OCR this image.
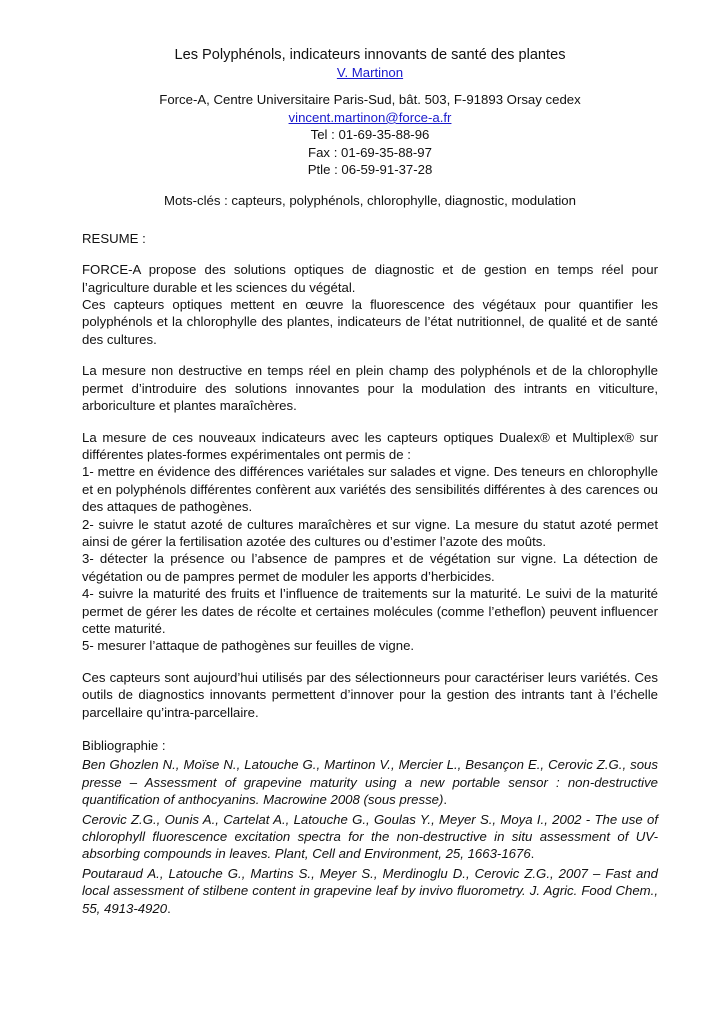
Les Polyphénols, indicateurs innovants de santé des plantes

V. Martinon

Force-A, Centre Universitaire Paris-Sud, bât. 503, F-91893 Orsay cedex

vincent.martinon@force-a.fr

Tel : 01-69-35-88-96

Fax : 01-69-35-88-97

Ptle : 06-59-91-37-28

Mots-clés : capteurs, polyphénols, chlorophylle, diagnostic, modulation

RESUME :

FORCE-A propose des solutions optiques de diagnostic et de gestion en temps réel pour l’agriculture durable et les sciences du végétal.

Ces capteurs optiques mettent en œuvre la fluorescence des végétaux pour quantifier les polyphénols et la chlorophylle des plantes, indicateurs de l’état nutritionnel, de qualité et de santé des cultures.

La mesure non destructive en temps réel en plein champ des polyphénols et de la chlorophylle permet d’introduire des solutions innovantes pour la modulation des intrants en viticulture, arboriculture et plantes maraîchères.

La mesure de ces nouveaux indicateurs avec les capteurs optiques Dualex® et Multiplex® sur différentes plates-formes expérimentales ont permis de :

1- mettre en évidence des différences variétales sur salades et vigne. Des teneurs en chlorophylle et en polyphénols différentes confèrent aux variétés des sensibilités différentes à des carences ou des attaques de pathogènes.

2- suivre le statut azoté de cultures maraîchères et sur vigne. La mesure du statut azoté permet ainsi de gérer la fertilisation azotée des cultures ou d’estimer l’azote des moûts.

3- détecter la présence ou l’absence de pampres et de végétation sur vigne. La détection de végétation ou de pampres permet de moduler les apports d’herbicides.

4- suivre la maturité des fruits et l’influence de traitements sur la maturité. Le suivi de la maturité permet de gérer les dates de récolte et certaines molécules (comme l’etheflon) peuvent influencer cette maturité.

5- mesurer l’attaque de pathogènes sur feuilles de vigne.

Ces capteurs sont aujourd’hui utilisés par des sélectionneurs pour caractériser leurs variétés. Ces outils de diagnostics innovants permettent d’innover pour la gestion des intrants tant à l’échelle parcellaire qu’intra-parcellaire.

Bibliographie :

Ben Ghozlen N., Moïse N., Latouche G., Martinon V., Mercier L., Besançon E., Cerovic Z.G., sous presse – Assessment of grapevine maturity using a new portable sensor : non-destructive quantification of anthocyanins. Macrowine 2008 (sous presse).

Cerovic Z.G., Ounis A., Cartelat A., Latouche G., Goulas Y., Meyer S., Moya I., 2002 - The use of chlorophyll fluorescence excitation spectra for the non-destructive in situ assessment of UV-absorbing compounds in leaves. Plant, Cell and Environment, 25, 1663-1676.

Poutaraud A., Latouche G., Martins S., Meyer S., Merdinoglu D., Cerovic Z.G., 2007 – Fast and local assessment of stilbene content in grapevine leaf by invivo fluorometry. J. Agric. Food Chem., 55, 4913-4920.
